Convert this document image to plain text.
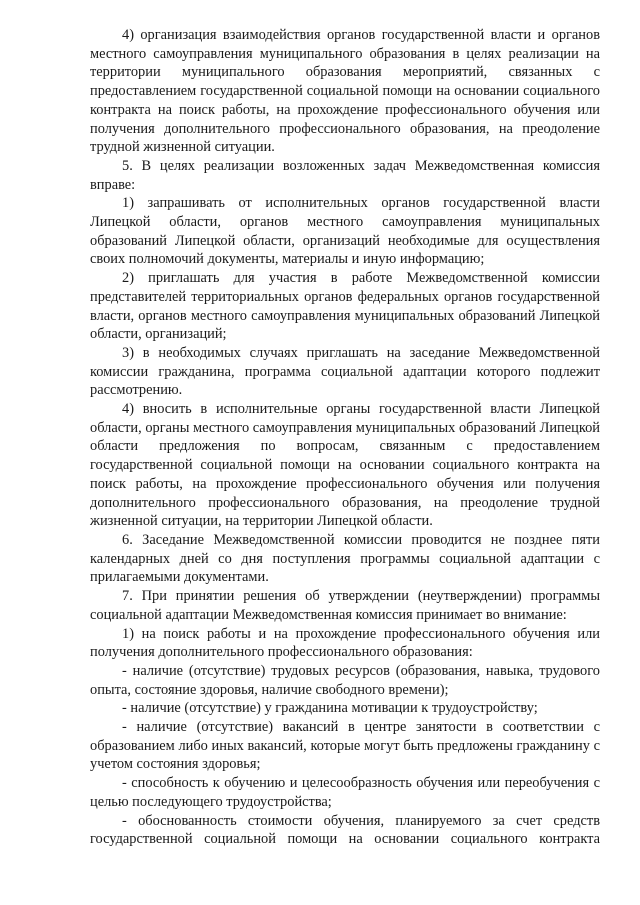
4) организация взаимодействия органов государственной власти и органов местного самоуправления муниципального образования в целях реализации на территории муниципального образования мероприятий, связанных с предоставлением государственной социальной помощи на основании социального контракта на поиск работы, на прохождение профессионального обучения или получения дополнительного профессионального образования, на преодоление трудной жизненной ситуации.

5. В целях реализации возложенных задач Межведомственная комиссия вправе:

1) запрашивать от исполнительных органов государственной власти Липецкой области, органов местного самоуправления муниципальных образований Липецкой области, организаций необходимые для осуществления своих полномочий документы, материалы и иную информацию;

2) приглашать для участия в работе Межведомственной комиссии представителей территориальных органов федеральных органов государственной власти, органов местного самоуправления муниципальных образований Липецкой области, организаций;

3) в необходимых случаях приглашать на заседание Межведомственной комиссии гражданина, программа социальной адаптации которого подлежит рассмотрению.

4) вносить в исполнительные органы государственной власти Липецкой области, органы местного самоуправления муниципальных образований Липецкой области предложения по вопросам, связанным с предоставлением государственной социальной помощи на основании социального контракта на поиск работы, на прохождение профессионального обучения или получения дополнительного профессионального образования, на преодоление трудной жизненной ситуации, на территории Липецкой области.

6. Заседание Межведомственной комиссии проводится не позднее пяти календарных дней со дня поступления программы социальной адаптации с прилагаемыми документами.

7. При принятии решения об утверждении (неутверждении) программы социальной адаптации Межведомственная комиссия принимает во внимание:

1) на поиск работы и на прохождение профессионального обучения или получения дополнительного профессионального образования:

- наличие (отсутствие) трудовых ресурсов (образования, навыка, трудового опыта, состояние здоровья, наличие свободного времени);

- наличие (отсутствие) у гражданина мотивации к трудоустройству;

- наличие (отсутствие) вакансий в центре занятости в соответствии с образованием либо иных вакансий, которые могут быть предложены гражданину с учетом состояния здоровья;

- способность к обучению и целесообразность обучения или переобучения с целью последующего трудоустройства;

- обоснованность стоимости обучения, планируемого за счет средств государственной социальной помощи на основании социального контракта
